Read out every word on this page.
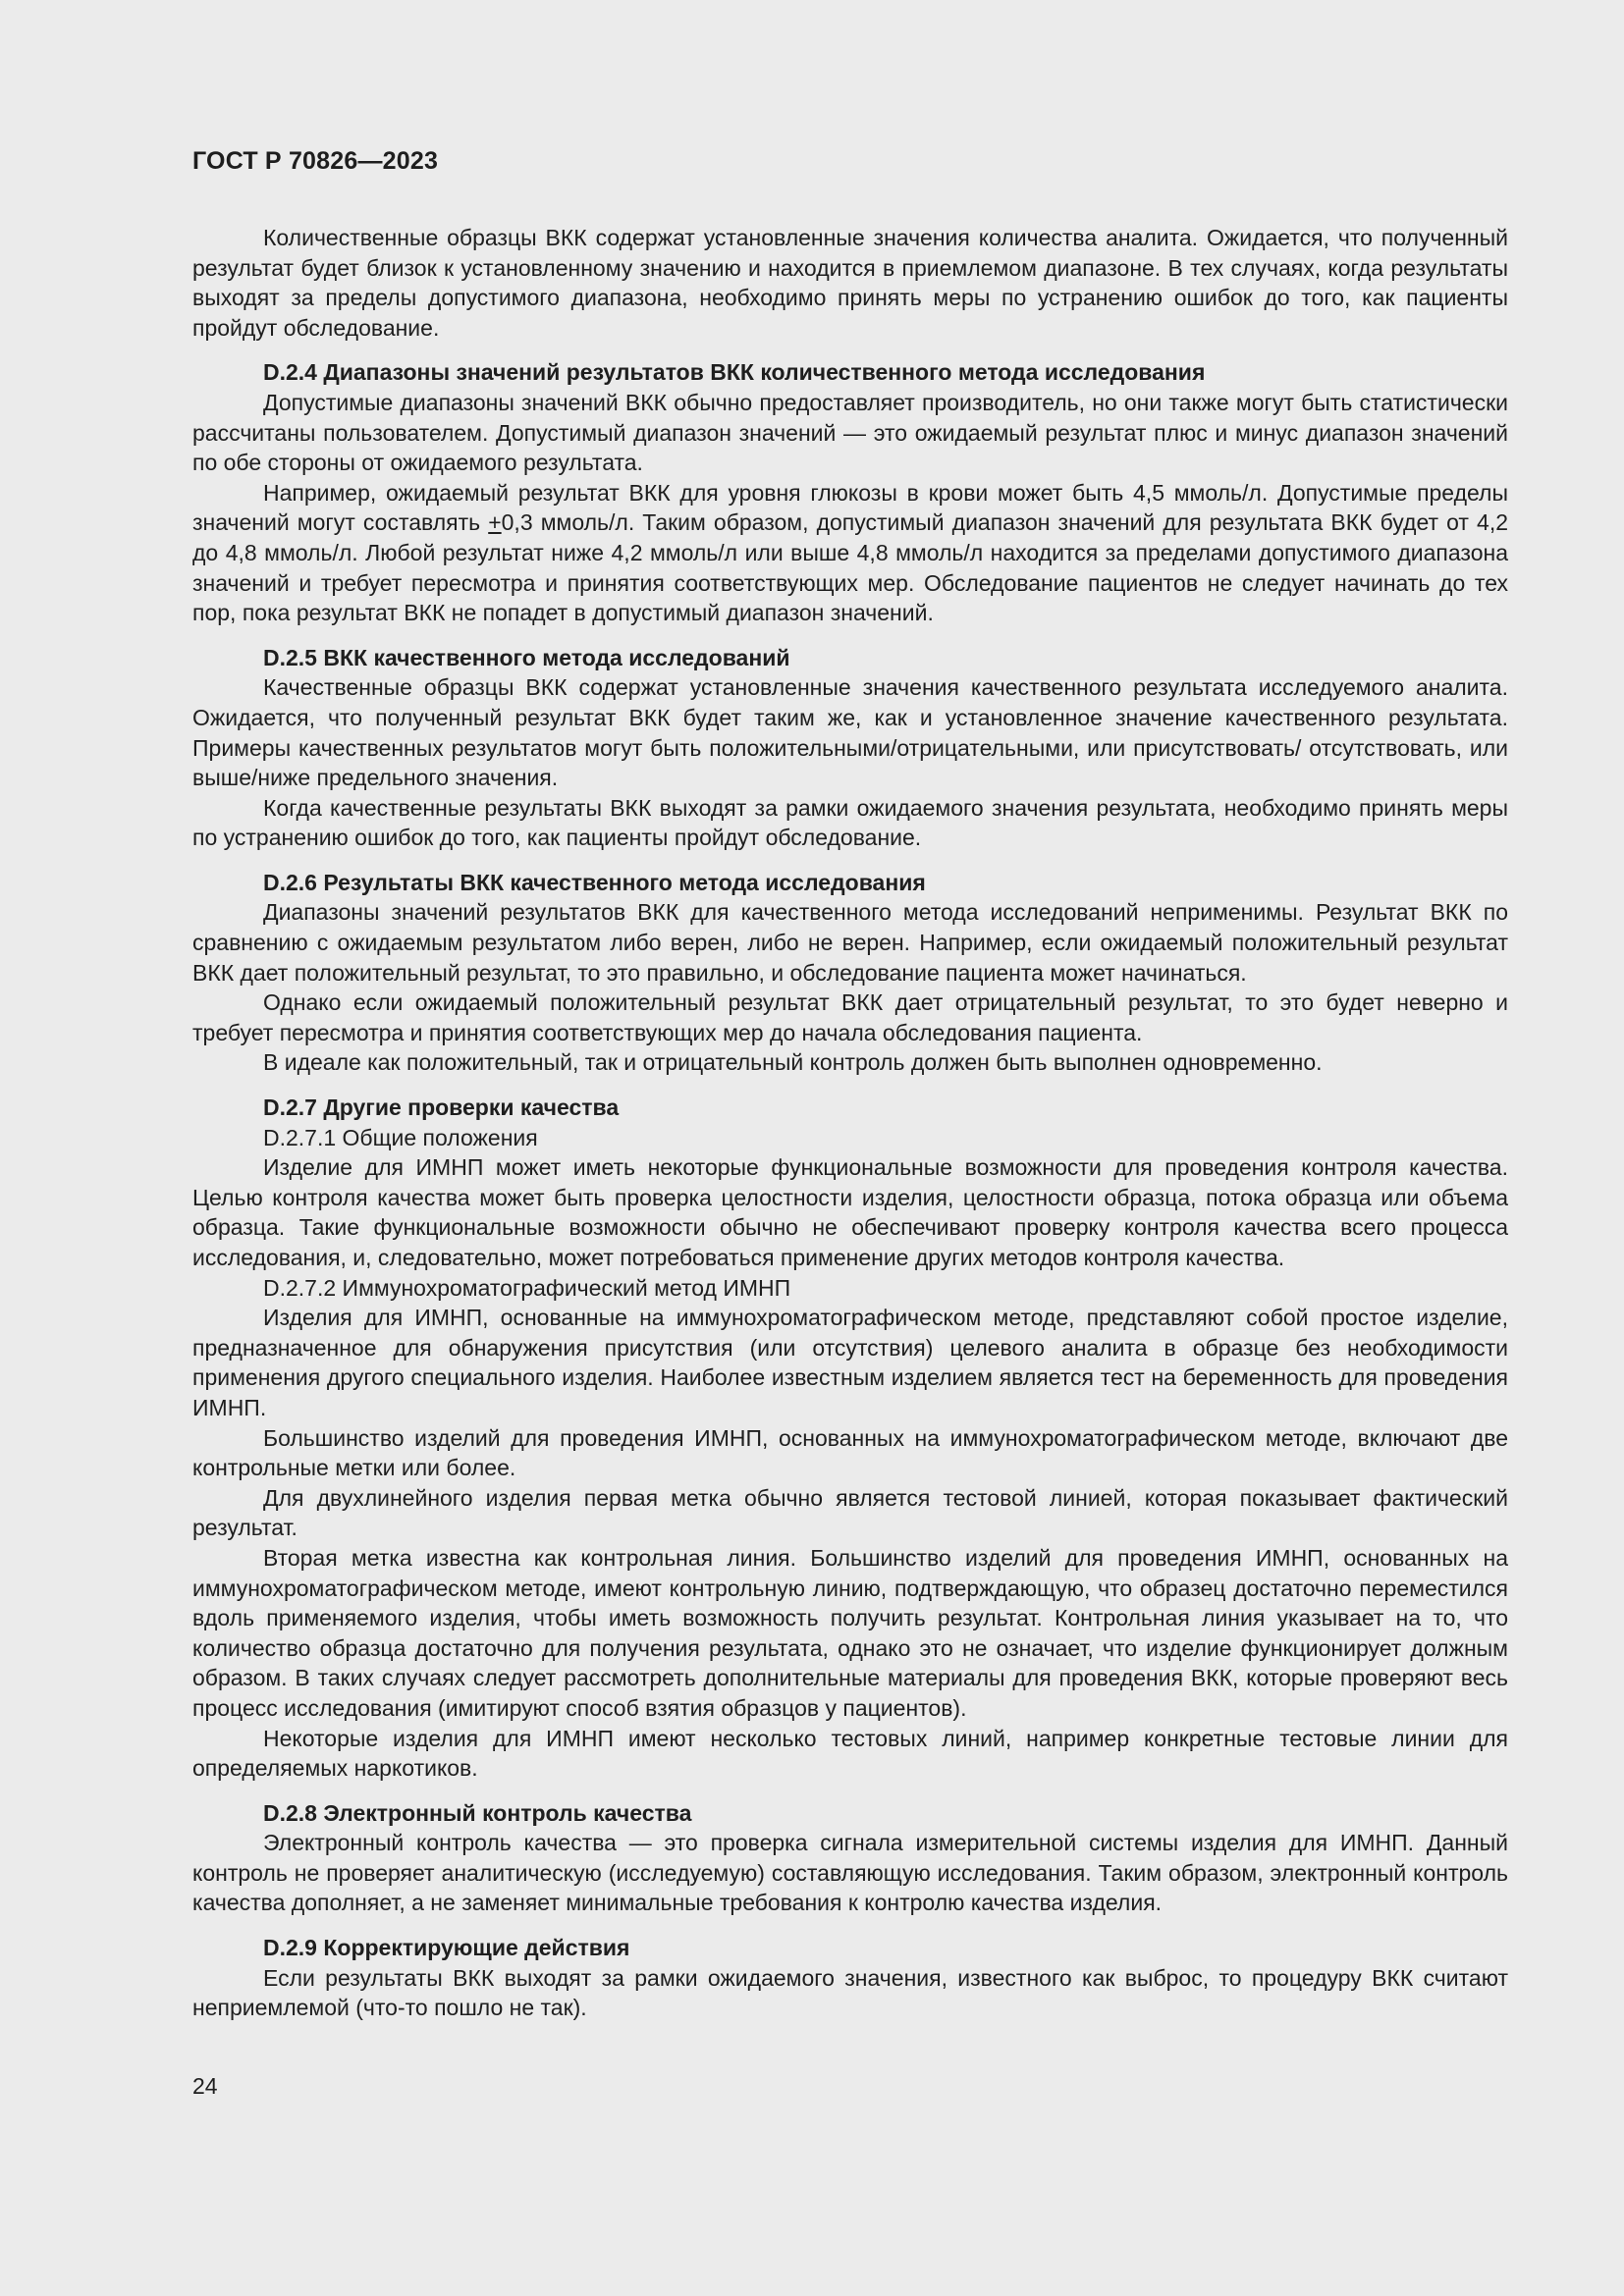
ГОСТ Р 70826—2023

Количественные образцы ВКК содержат установленные значения количества аналита. Ожидается, что полученный результат будет близок к установленному значению и находится в приемлемом диапазоне. В тех случаях, когда результаты выходят за пределы допустимого диапазона, необходимо принять меры по устранению ошибок до того, как пациенты пройдут обследование.

D.2.4 Диапазоны значений результатов ВКК количественного метода исследования

Допустимые диапазоны значений ВКК обычно предоставляет производитель, но они также могут быть статистически рассчитаны пользователем. Допустимый диапазон значений — это ожидаемый результат плюс и минус диапазон значений по обе стороны от ожидаемого результата.

Например, ожидаемый результат ВКК для уровня глюкозы в крови может быть 4,5 ммоль/л. Допустимые пределы значений могут составлять +0,3 ммоль/л. Таким образом, допустимый диапазон значений для результата ВКК будет от 4,2 до 4,8 ммоль/л. Любой результат ниже 4,2 ммоль/л или выше 4,8 ммоль/л находится за пределами допустимого диапазона значений и требует пересмотра и принятия соответствующих мер. Обследование пациентов не следует начинать до тех пор, пока результат ВКК не попадет в допустимый диапазон значений.

D.2.5 ВКК качественного метода исследований

Качественные образцы ВКК содержат установленные значения качественного результата исследуемого аналита. Ожидается, что полученный результат ВКК будет таким же, как и установленное значение качественного результата. Примеры качественных результатов могут быть положительными/отрицательными, или присутствовать/ отсутствовать, или выше/ниже предельного значения.

Когда качественные результаты ВКК выходят за рамки ожидаемого значения результата, необходимо принять меры по устранению ошибок до того, как пациенты пройдут обследование.

D.2.6 Результаты ВКК качественного метода исследования

Диапазоны значений результатов ВКК для качественного метода исследований неприменимы. Результат ВКК по сравнению с ожидаемым результатом либо верен, либо не верен. Например, если ожидаемый положительный результат ВКК дает положительный результат, то это правильно, и обследование пациента может начинаться.

Однако если ожидаемый положительный результат ВКК дает отрицательный результат, то это будет неверно и требует пересмотра и принятия соответствующих мер до начала обследования пациента.

В идеале как положительный, так и отрицательный контроль должен быть выполнен одновременно.

D.2.7 Другие проверки качества

D.2.7.1 Общие положения

Изделие для ИМНП может иметь некоторые функциональные возможности для проведения контроля качества. Целью контроля качества может быть проверка целостности изделия, целостности образца, потока образца или объема образца. Такие функциональные возможности обычно не обеспечивают проверку контроля качества всего процесса исследования, и, следовательно, может потребоваться применение других методов контроля качества.

D.2.7.2 Иммунохроматографический метод ИМНП

Изделия для ИМНП, основанные на иммунохроматографическом методе, представляют собой простое изделие, предназначенное для обнаружения присутствия (или отсутствия) целевого аналита в образце без необходимости применения другого специального изделия. Наиболее известным изделием является тест на беременность для проведения ИМНП.

Большинство изделий для проведения ИМНП, основанных на иммунохроматографическом методе, включают две контрольные метки или более.

Для двухлинейного изделия первая метка обычно является тестовой линией, которая показывает фактический результат.

Вторая метка известна как контрольная линия. Большинство изделий для проведения ИМНП, основанных на иммунохроматографическом методе, имеют контрольную линию, подтверждающую, что образец достаточно переместился вдоль применяемого изделия, чтобы иметь возможность получить результат. Контрольная линия указывает на то, что количество образца достаточно для получения результата, однако это не означает, что изделие функционирует должным образом. В таких случаях следует рассмотреть дополнительные материалы для проведения ВКК, которые проверяют весь процесс исследования (имитируют способ взятия образцов у пациентов).

Некоторые изделия для ИМНП имеют несколько тестовых линий, например конкретные тестовые линии для определяемых наркотиков.

D.2.8 Электронный контроль качества

Электронный контроль качества — это проверка сигнала измерительной системы изделия для ИМНП. Данный контроль не проверяет аналитическую (исследуемую) составляющую исследования. Таким образом, электронный контроль качества дополняет, а не заменяет минимальные требования к контролю качества изделия.

D.2.9 Корректирующие действия

Если результаты ВКК выходят за рамки ожидаемого значения, известного как выброс, то процедуру ВКК считают неприемлемой (что-то пошло не так).

24
